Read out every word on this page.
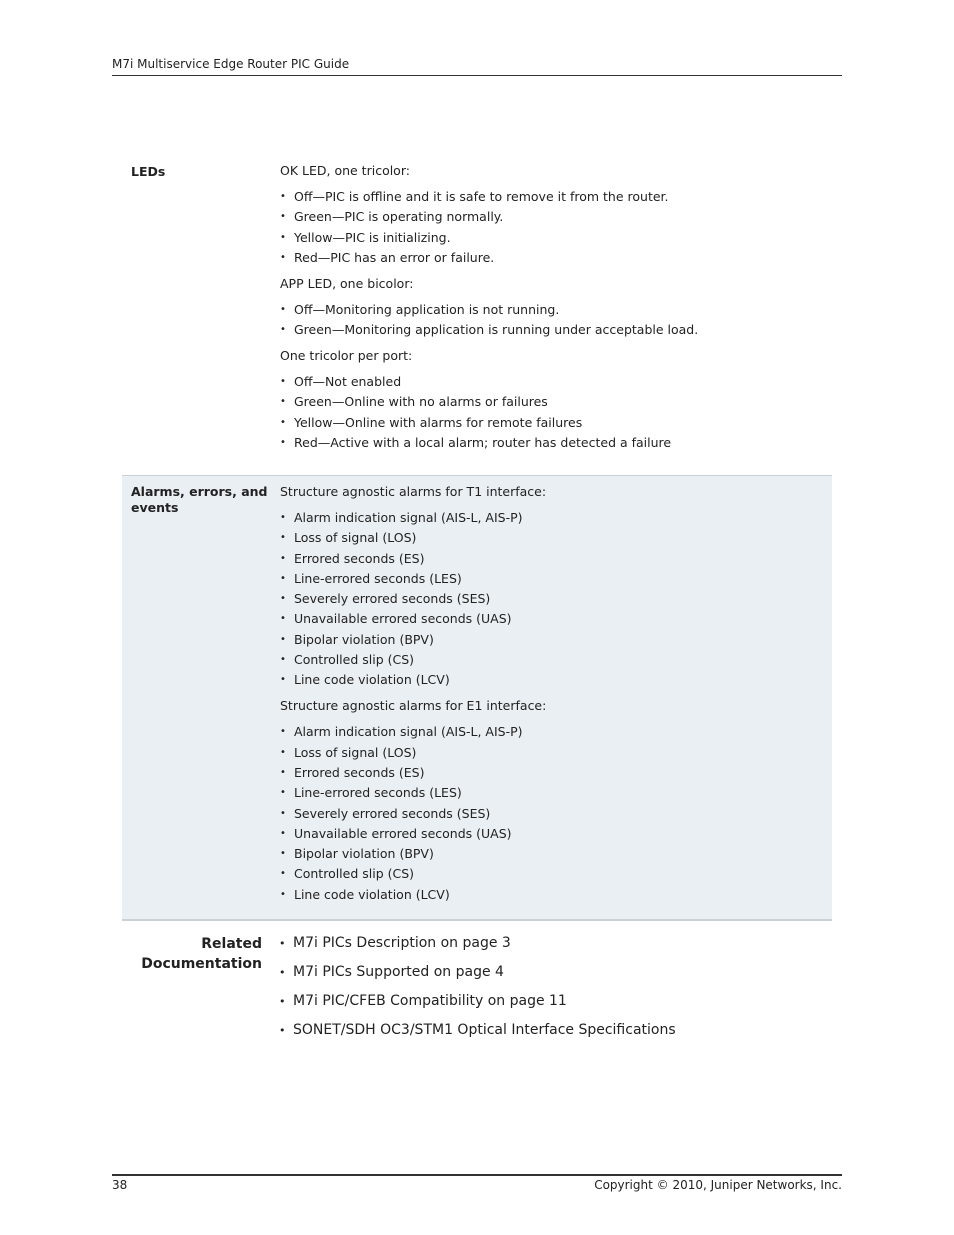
M7i Multiservice Edge Router PIC Guide
LEDs	OK LED, one tricolor:

• Off—PIC is offline and it is safe to remove it from the router.
• Green—PIC is operating normally.
• Yellow—PIC is initializing.
• Red—PIC has an error or failure.

APP LED, one bicolor:

• Off—Monitoring application is not running.
• Green—Monitoring application is running under acceptable load.

One tricolor per port:

• Off—Not enabled
• Green—Online with no alarms or failures
• Yellow—Online with alarms for remote failures
• Red—Active with a local alarm; router has detected a failure
Alarms, errors, and events

Structure agnostic alarms for T1 interface:

• Alarm indication signal (AIS-L, AIS-P)
• Loss of signal (LOS)
• Errored seconds (ES)
• Line-errored seconds (LES)
• Severely errored seconds (SES)
• Unavailable errored seconds (UAS)
• Bipolar violation (BPV)
• Controlled slip (CS)
• Line code violation (LCV)

Structure agnostic alarms for E1 interface:

• Alarm indication signal (AIS-L, AIS-P)
• Loss of signal (LOS)
• Errored seconds (ES)
• Line-errored seconds (LES)
• Severely errored seconds (SES)
• Unavailable errored seconds (UAS)
• Bipolar violation (BPV)
• Controlled slip (CS)
• Line code violation (LCV)
Related
Documentation
• M7i PICs Description on page 3
• M7i PICs Supported on page 4
• M7i PIC/CFEB Compatibility on page 11
• SONET/SDH OC3/STM1 Optical Interface Specifications
38	Copyright © 2010, Juniper Networks, Inc.
